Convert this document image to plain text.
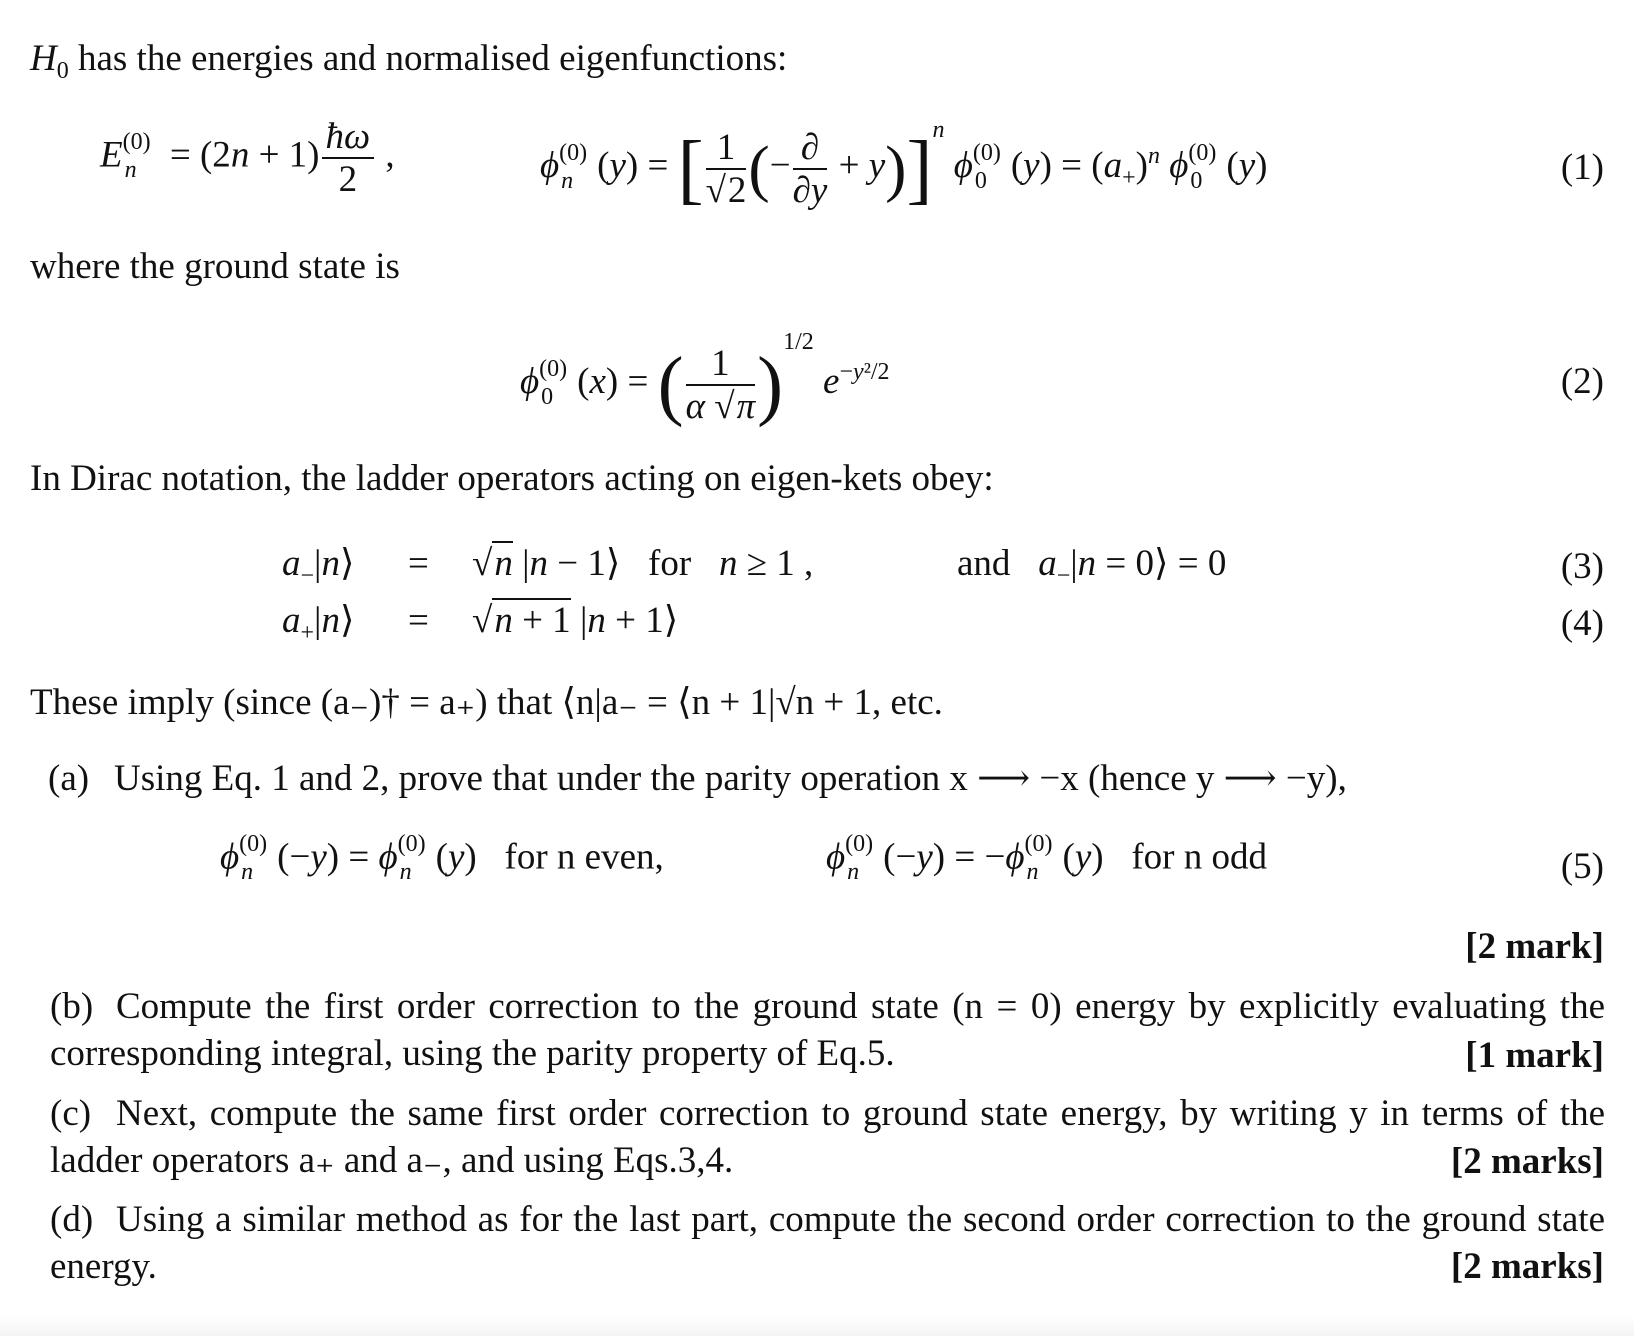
$H_0$ has the energies and normalised eigenfunctions:
E (0)
$n = (2n + 1) \frac{ħ\omega}{2}$ ,	ϕ (0)
n (y) = [ $\frac{1}{√2}$ (− $\frac{\partial}{\partial y} + y)]^n$ ϕ (0)
0 $(y) = (a_+)^n$ ϕ (0)
0 (y)	(1)
where the ground state is
ϕ (0)
0 (x) = ( $\frac{1}{\alpha √\pi} )^{1/2}$ $e^{-y^2/2}$	(2)
In Dirac notation, the ladder operators acting on eigen-kets obey:
$a_-|n⟩ = √n$ |n − 1⟩   for n ≥ 1 ,	and $a_-|n$ = 0⟩ = 0	(3)
$a_+|n⟩ = √n + 1$ |n + 1⟩	(4)
These imply (since (a₋)† = a₊) that ⟨n|a₋ = ⟨n + 1|√n + 1, etc.
(a) Using Eq. 1 and 2, prove that under the parity operation x ⟶ −x (hence y ⟶ −y),
ϕ (0)
n (−y) = ϕ (0)
n (y)   for n even,	ϕ (0)
n (−y) = −ϕ (0)
n (y)   for n odd	(5)
[2 mark]
(b) Compute the first order correction to the ground state (n = 0) energy by explicitly evaluating the corresponding integral, using the parity property of Eq.5.	[1 mark]
(c) Next, compute the same first order correction to ground state energy, by writing y in terms of the ladder operators a₊ and a₋, and using Eqs.3,4.	[2 marks]
(d) Using a similar method as for the last part, compute the second order correction to the ground state energy.	[2 marks]
